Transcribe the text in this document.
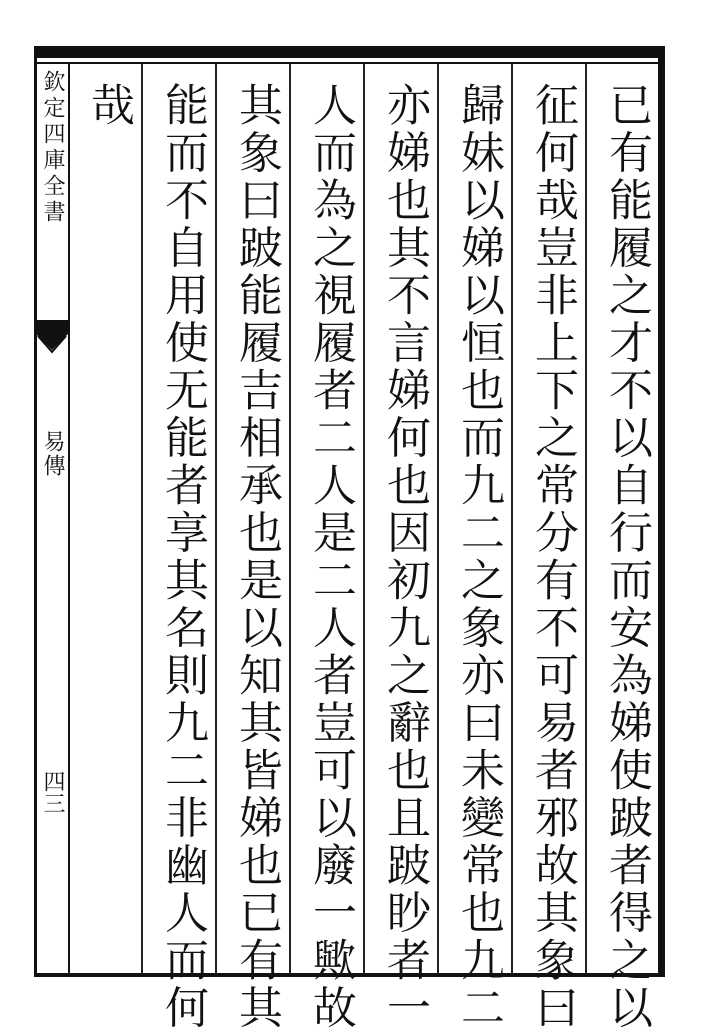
欽定四庫全書
易傳
四三	已有能履之才不以自行而安為娣使跛者得之以
征何哉豈非上下之常分有不可易者邪故其象曰
歸妹以娣以恒也而九二之象亦曰未變常也九二
亦娣也其不言娣何也因初九之辭也且跛眇者一
人而為之視履者二人是二人者豈可以廢一歟故
其象曰跛能履吉相承也是以知其皆娣也已有其
能而不自用使无能者享其名則九二非幽人而何
哉
